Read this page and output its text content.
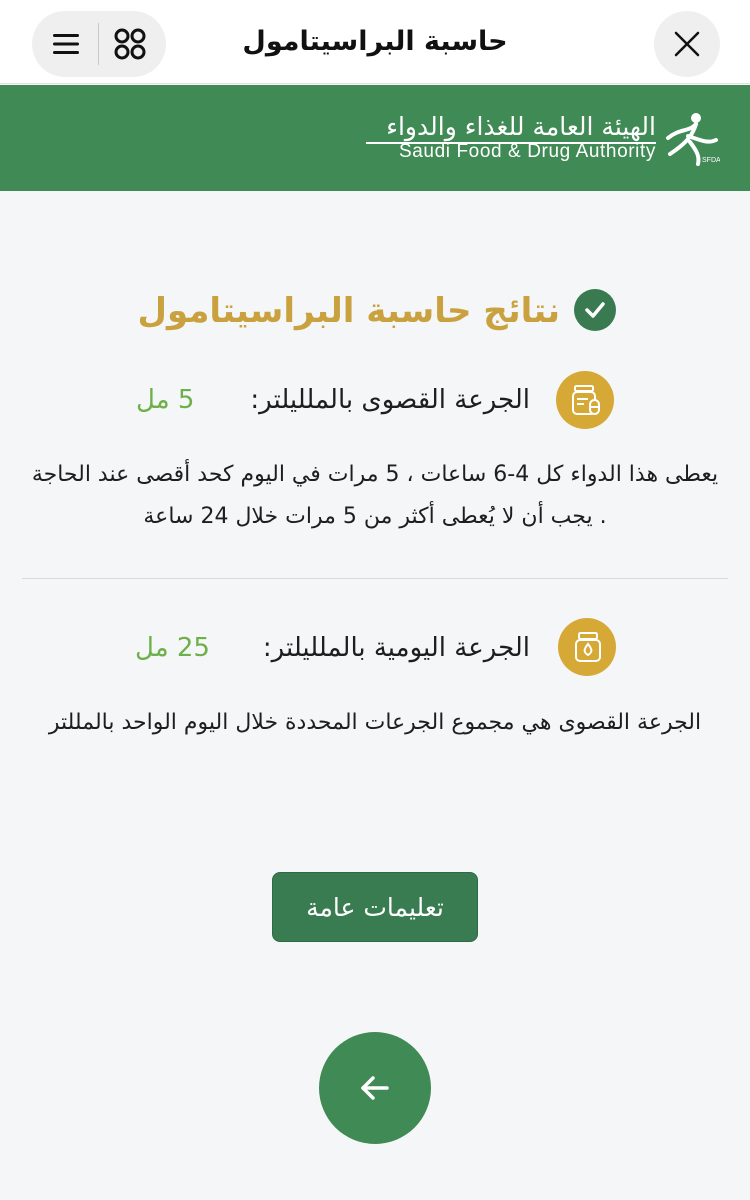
حاسبة البراسيتامول
الهيئة العامة للغذاء والدواء
Saudi Food & Drug Authority	SFDA
نتائج حاسبة البراسيتامول
الجرعة القصوى بالملليلتر:
5 مل
يعطى هذا الدواء كل 4-6 ساعات ، 5 مرات في اليوم كحد أقصى عند الحاجة . يجب أن لا يُعطى أكثر من 5 مرات خلال 24 ساعة
الجرعة اليومية بالملليلتر:
25 مل
الجرعة القصوى هي مجموع الجرعات المحددة خلال اليوم الواحد بالمللتر
تعليمات عامة
